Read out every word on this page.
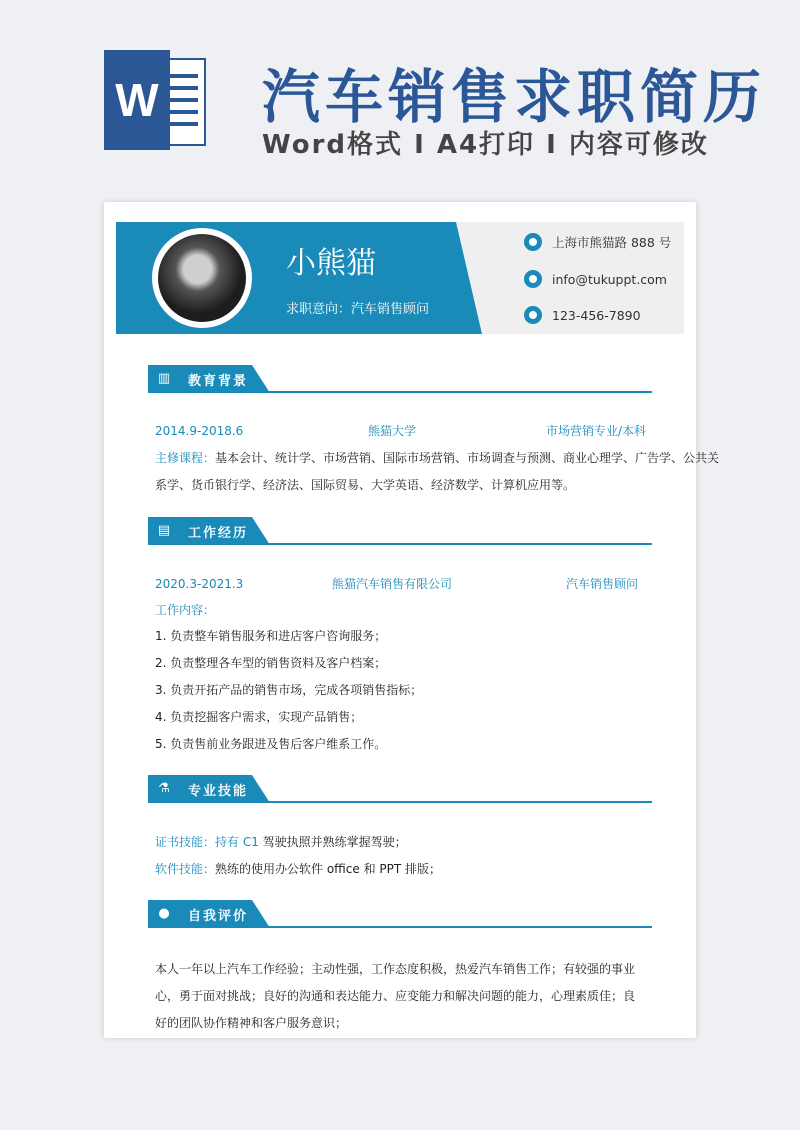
W 汽车销售求职简历
Word格式 I A4打印 I 内容可修改
小熊猫
求职意向：汽车销售顾问
上海市熊猫路 888 号
info@tukuppt.com
123-456-7890
▥ 教育背景
2014.9-2018.6	熊猫大学	市场营销专业/本科
主修课程：基本会计、统计学、市场营销、国际市场营销、市场调查与预测、商业心理学、广告学、公共关
系学、货币银行学、经济法、国际贸易、大学英语、经济数学、计算机应用等。
▤ 工作经历
2020.3-2021.3	熊猫汽车销售有限公司	汽车销售顾问
工作内容：
1. 负责整车销售服务和进店客户咨询服务；
2. 负责整理各车型的销售资料及客户档案；
3. 负责开拓产品的销售市场，完成各项销售指标；
4. 负责挖掘客户需求，实现产品销售；
5. 负责售前业务跟进及售后客户维系工作。
⚗ 专业技能
证书技能：持有 C1 驾驶执照并熟练掌握驾驶；
软件技能：熟练的使用办公软件 office 和 PPT 排版；
● 自我评价
本人一年以上汽车工作经验；主动性强，工作态度积极，热爱汽车销售工作；有较强的事业心，勇于面对挑战；良好的沟通和表达能力、应变能力和解决问题的能力，心理素质佳；良好的团队协作精神和客户服务意识；
